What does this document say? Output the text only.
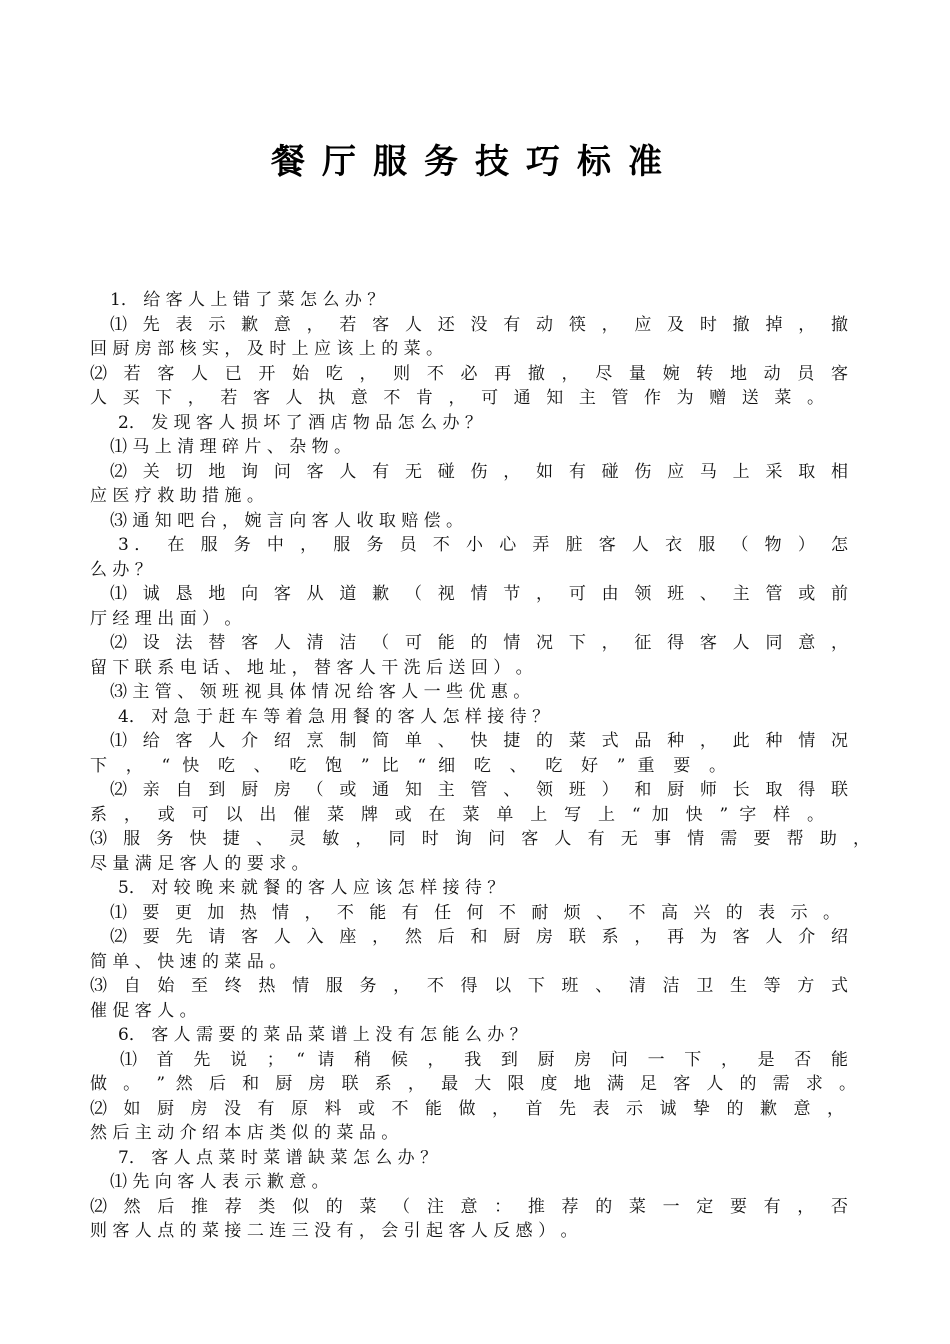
餐厅服务技巧标准
1． 给 客 人 上 错 了 菜 怎 么 办 ？
⑴ 先 表 示 歉 意 ， 若 客 人 还 没 有 动 筷 ， 应 及 时 撤 掉 ， 撤
回 厨 房 部 核 实 ， 及 时 上 应 该 上 的 菜 。
⑵ 若 客 人 已 开 始 吃 ， 则 不 必 再 撤 ， 尽 量 婉 转 地 动 员 客
人 买 下 ， 若 客 人 执 意 不 肯 ， 可 通 知 主 管 作 为 赠 送 菜 。
2． 发 现 客 人 损 坏 了 酒 店 物 品 怎 么 办 ？
⑴ 马 上 清 理 碎 片 、 杂 物 。
⑵ 关 切 地 询 问 客 人 有 无 碰 伤 ， 如 有 碰 伤 应 马 上 采 取 相
应 医 疗 救 助 措 施 。
⑶ 通 知 吧 台 ， 婉 言 向 客 人 收 取 赔 偿 。
3． 在 服 务 中 ， 服 务 员 不 小 心 弄 脏 客 人 衣 服 （ 物 ） 怎
么 办 ？
⑴ 诚 恳 地 向 客 从 道 歉 （ 视 情 节 ， 可 由 领 班 、 主 管 或 前
厅 经 理 出 面 ） 。
⑵ 设 法 替 客 人 清 洁 （ 可 能 的 情 况 下 ， 征 得 客 人 同 意 ，
留 下 联 系 电 话 、 地 址 ， 替 客 人 干 洗 后 送 回 ） 。
⑶ 主 管 、 领 班 视 具 体 情 况 给 客 人 一 些 优 惠 。
4． 对 急 于 赶 车 等 着 急 用 餐 的 客 人 怎 样 接 待 ？
⑴ 给 客 人 介 绍 烹 制 简 单 、 快 捷 的 菜 式 品 种 ， 此 种 情 况
下 ， “ 快 吃 、 吃 饱 ” 比 “ 细 吃 、 吃 好 ” 重 要 。
⑵ 亲 自 到 厨 房 （ 或 通 知 主 管 、 领 班 ） 和 厨 师 长 取 得 联
系 ， 或 可 以 出 催 菜 牌 或 在 菜 单 上 写 上 “ 加 快 ” 字 样 。
⑶ 服 务 快 捷 、 灵 敏 ， 同 时 询 问 客 人 有 无 事 情 需 要 帮 助 ，
尽 量 满 足 客 人 的 要 求 。
5． 对 较 晚 来 就 餐 的 客 人 应 该 怎 样 接 待 ？
⑴ 要 更 加 热 情 ， 不 能 有 任 何 不 耐 烦 、 不 高 兴 的 表 示 。
⑵ 要 先 请 客 人 入 座 ， 然 后 和 厨 房 联 系 ， 再 为 客 人 介 绍
简 单 、 快 速 的 菜 品 。
⑶ 自 始 至 终 热 情 服 务 ， 不 得 以 下 班 、 清 洁 卫 生 等 方 式
催 促 客 人 。
6． 客 人 需 要 的 菜 品 菜 谱 上 没 有 怎 能 么 办 ？
⑴ 首 先 说 ； “ 请 稍 候 ， 我 到 厨 房 问 一 下 ， 是 否 能
做 。 ” 然 后 和 厨 房 联 系 ， 最 大 限 度 地 满 足 客 人 的 需 求 。
⑵ 如 厨 房 没 有 原 料 或 不 能 做 ， 首 先 表 示 诚 挚 的 歉 意 ，
然 后 主 动 介 绍 本 店 类 似 的 菜 品 。
7． 客 人 点 菜 时 菜 谱 缺 菜 怎 么 办 ？
⑴ 先 向 客 人 表 示 歉 意 。
⑵ 然 后 推 荐 类 似 的 菜 （ 注 意 ： 推 荐 的 菜 一 定 要 有 ， 否
则 客 人 点 的 菜 接 二 连 三 没 有 ， 会 引 起 客 人 反 感 ） 。
